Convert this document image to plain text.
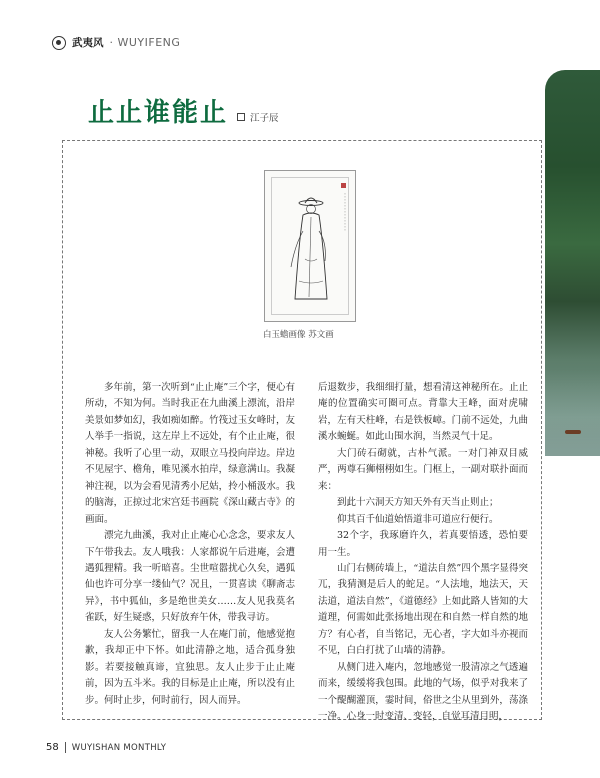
武夷风 · WUYIFENG
止止谁能止 江子辰
白玉蟾画像 苏文画

多年前，第一次听到“止止庵”三个字，便心有所动，不知为何。当时我正在九曲溪上漂流，沿岸美景如梦如幻，我如痴如醉。竹筏过玉女峰时，友人举手一指说，这左岸上不远处，有个止止庵，很神秘。我听了心里一动，双眼立马投向岸边。岸边不见屋宇、檐角，唯见溪水拍岸，绿意满山。我凝神注视，以为会看见清秀小尼姑，拎小桶汲水。我的脑海，正掠过北宋宫廷书画院《深山藏古寺》的画面。

漂完九曲溪，我对止止庵心心念念，要求友人下午带我去。友人哦我：人家都说午后进庵，会遭遇狐狸精。我一听暗喜。尘世喧嚣扰心久矣，遇狐仙也许可分享一缕仙气？况且，一贯喜读《聊斋志异》，书中狐仙，多是绝世美女……友人见我莫名雀跃，好生疑惑，只好放弃午休，带我寻访。

友人公务繁忙，留我一人在庵门前，他感觉抱歉，我却正中下怀。如此清静之地，适合孤身独影。若要接触真谛，宜独思。友人止步于止止庵前，因为五斗米。我的目标是止止庵，所以没有止步。何时止步，何时前行，因人而异。

后退数步，我细细打量，想看清这神秘所在。止止庵的位置确实可圈可点。背靠大王峰，面对虎啸岩，左有天柱峰，右是铁板嶂。门前不远处，九曲溪水蜿蜒。如此山围水润，当然灵气十足。

大门砖石砌就，古朴气派。一对门神双目威严，两尊石狮栩栩如生。门框上，一副对联扑面而来：

到此十六洞天方知天外有天当止则止；

仰其百千仙道始悟道非可道应行便行。

32个字，我琢磨许久，若真要悟透，恐怕要用一生。

山门右侧砖墙上，“道法自然”四个黑字显得突兀，我猜测是后人的蛇足。“人法地，地法天，天法道，道法自然”，《道德经》上如此路人皆知的大道理，何需如此张扬地出现在和自然一样自然的地方？有心者，自当铭记，无心者，字大如斗亦视而不见，白白打扰了山墙的清静。

从侧门进入庵内，忽地感觉一股清凉之气透遍而来，缓缓将我包围。此地的气场，似乎对我来了一个醍醐灌顶，霎时间，俗世之尘从里到外，荡涤一净。心身一时变清、变轻，自觉耳清目明，

58 WUYISHAN MONTHLY
